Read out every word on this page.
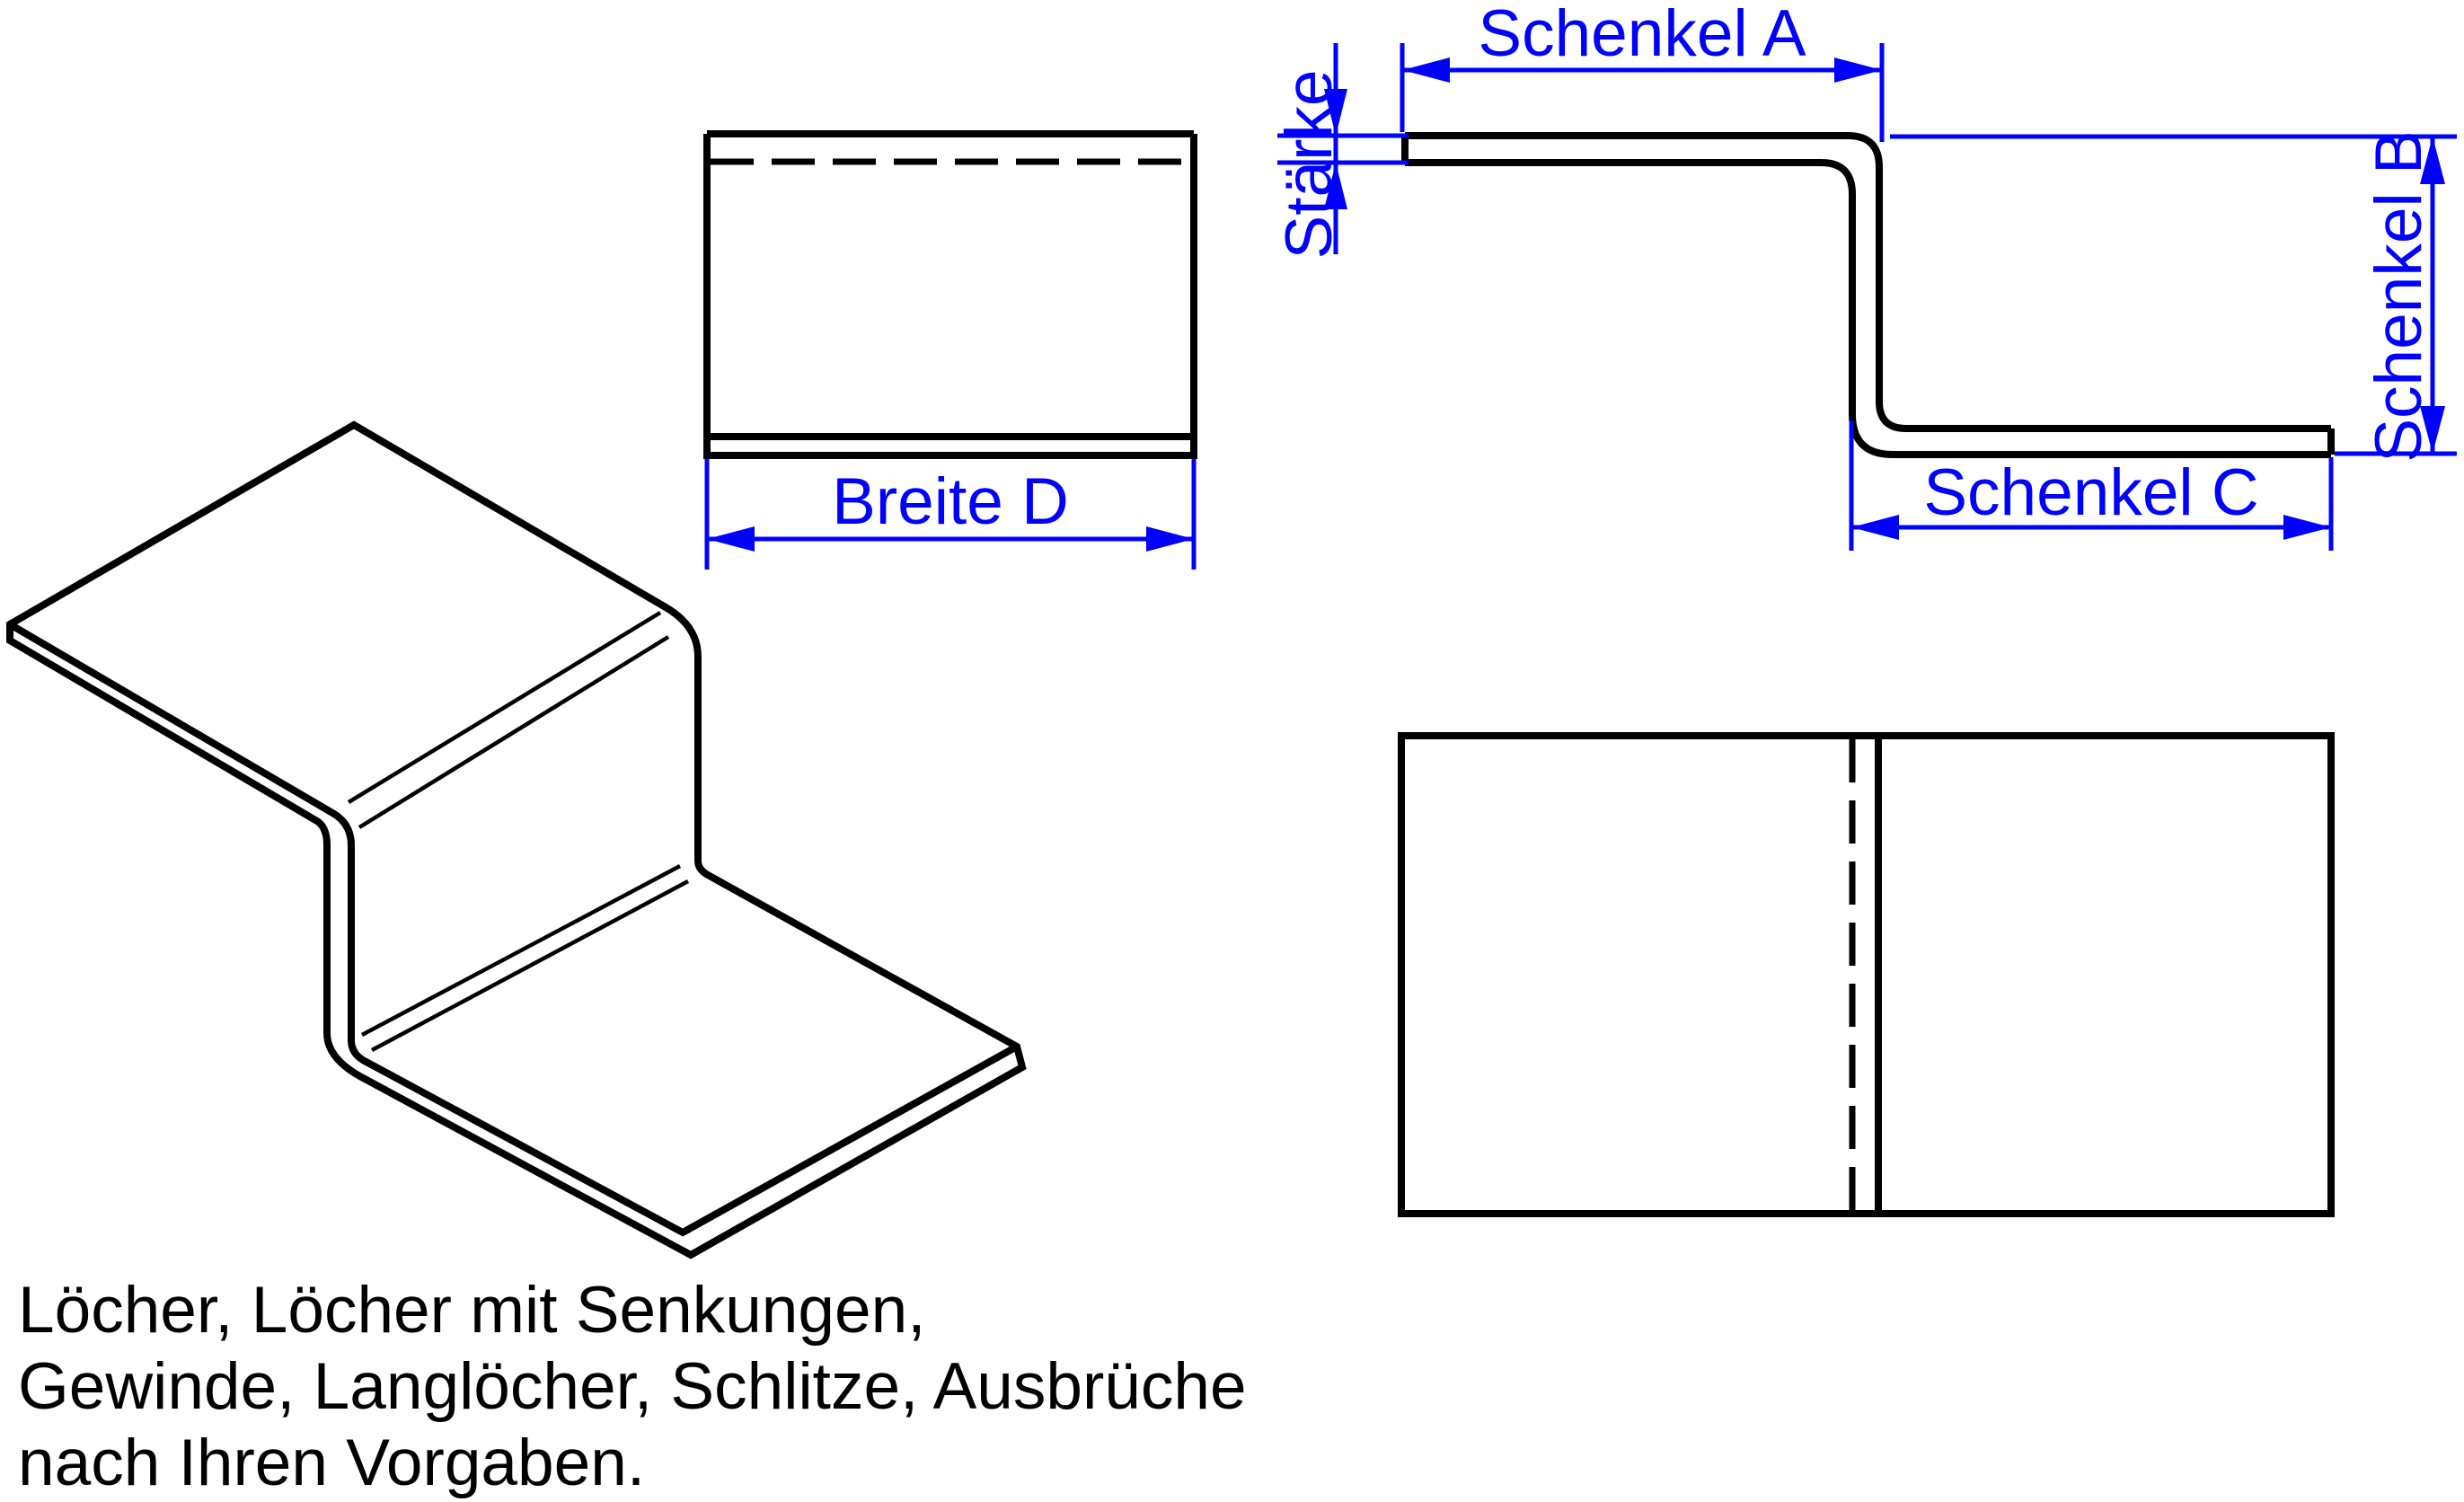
Breite D
Schenkel A
Stärke	Schenkel B
Schenkel C
Löcher, Löcher mit Senkungen,
Gewinde, Langlöcher, Schlitze, Ausbrüche
nach Ihren Vorgaben.
